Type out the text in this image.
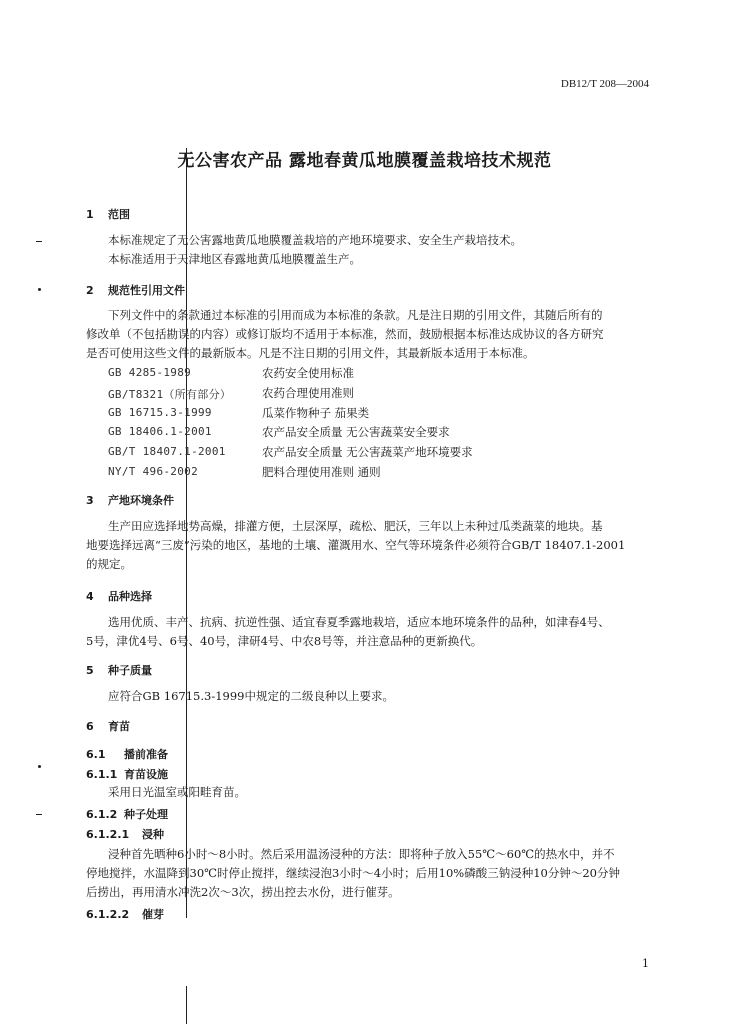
DB12/T 208—2004
无公害农产品 露地春黄瓜地膜覆盖栽培技术规范
1 范围
本标准规定了无公害露地黄瓜地膜覆盖栽培的产地环境要求、安全生产栽培技术。
本标准适用于天津地区春露地黄瓜地膜覆盖生产。
2 规范性引用文件
下列文件中的条款通过本标准的引用而成为本标准的条款。凡是注日期的引用文件，其随后所有的
修改单（不包括勘误的内容）或修订版均不适用于本标准，然而，鼓励根据本标准达成协议的各方研究
是否可使用这些文件的最新版本。凡是不注日期的引用文件，其最新版本适用于本标准。
GB 4285-1989	农药安全使用标准
GB/T8321（所有部分）	农药合理使用准则
GB 16715.3-1999	瓜菜作物种子 茄果类
GB 18406.1-2001	农产品安全质量 无公害蔬菜安全要求
GB/T 18407.1-2001	农产品安全质量 无公害蔬菜产地环境要求
NY/T 496-2002	肥料合理使用准则 通则
3 产地环境条件
生产田应选择地势高燥，排灌方便，土层深厚，疏松、肥沃，三年以上未种过瓜类蔬菜的地块。基
地要选择远离“三废”污染的地区，基地的土壤、灌溉用水、空气等环境条件必须符合GB/T 18407.1-2001
的规定。
4 品种选择
选用优质、丰产、抗病、抗逆性强、适宜春夏季露地栽培，适应本地环境条件的品种，如津春4号、
5号，津优4号、6号、40号，津研4号、中农8号等，并注意品种的更新换代。
5 种子质量
应符合GB 16715.3-1999中规定的二级良种以上要求。
6 育苗
6.1 播前准备
6.1.1 育苗设施
采用日光温室或阳畦育苗。
6.1.2 种子处理
6.1.2.1 浸种
浸种首先晒种6小时～8小时。然后采用温汤浸种的方法：即将种子放入55℃～60℃的热水中，并不
停地搅拌，水温降到30℃时停止搅拌，继续浸泡3小时～4小时；后用10%磷酸三钠浸种10分钟～20分钟
后捞出，再用清水冲洗2次～3次，捞出控去水份，进行催芽。
6.1.2.2 催芽
1
